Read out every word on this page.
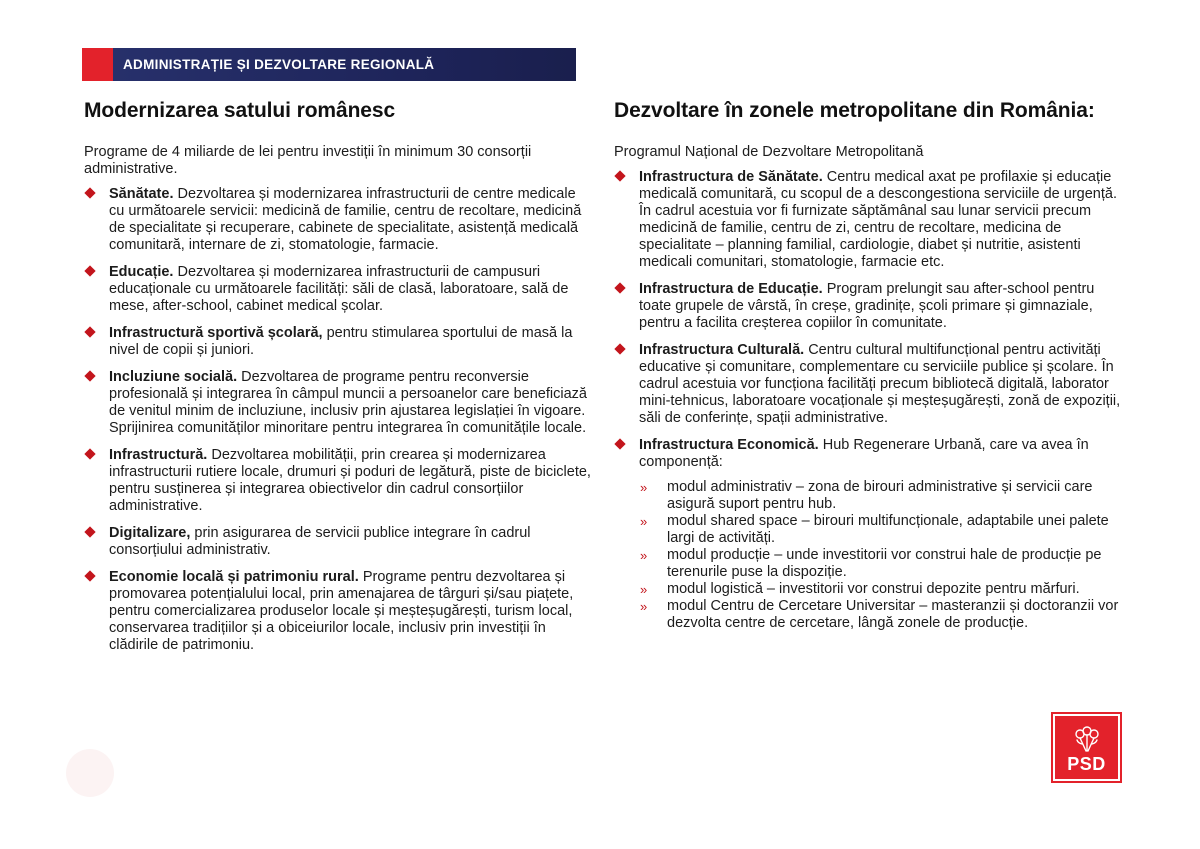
ADMINISTRAȚIE ȘI DEZVOLTARE REGIONALĂ
Modernizarea satului românesc

Programe de 4 miliarde de lei pentru investiții în minimum 30 consorții administrative.

Sănătate. Dezvoltarea și modernizarea infrastructurii de centre medicale cu următoarele servicii: medicină de familie, centru de recoltare, medicină de specialitate și recuperare, cabinete de specialitate, asistență medicală comunitară, internare de zi, stomatologie, farmacie.
Educație. Dezvoltarea și modernizarea infrastructurii de campusuri educaționale cu următoarele facilități: săli de clasă, laboratoare, sală de mese, after-school, cabinet medical școlar.
Infrastructură sportivă școlară, pentru stimularea sportului de masă la nivel de copii și juniori.
Incluziune socială. Dezvoltarea de programe pentru reconversie profesională și integrarea în câmpul muncii a persoanelor care beneficiază de venitul minim de incluziune, inclusiv prin ajustarea legislației în vigoare. Sprijinirea comunităților minoritare pentru integrarea în comunitățile locale.
Infrastructură. Dezvoltarea mobilității, prin crearea și modernizarea infrastructurii rutiere locale, drumuri și poduri de legătură, piste de biciclete, pentru susținerea și integrarea obiectivelor din cadrul consorțiilor administrative.
Digitalizare, prin asigurarea de servicii publice integrare în cadrul consorțiului administrativ.
Economie locală și patrimoniu rural. Programe pentru dezvoltarea și promovarea potențialului local, prin amenajarea de târguri și/sau piațete, pentru comercializarea produselor locale și meșteșugărești, turism local, conservarea tradițiilor și a obiceiurilor locale, inclusiv prin investiții în clădirile de patrimoniu.
Dezvoltare în zonele metropolitane din România:

Programul Național de Dezvoltare Metropolitană

Infrastructura de Sănătate. Centru medical axat pe profilaxie și educație medicală comunitară, cu scopul de a descongestiona serviciile de urgență. În cadrul acestuia vor fi furnizate săptămânal sau lunar servicii precum medicină de familie, centru de zi, centru de recoltare, medicina de specialitate – planning familial, cardiologie, diabet și nutritie, asistenti medicali comunitari, stomatologie, farmacie etc.
Infrastructura de Educație. Program prelungit sau after-school pentru toate grupele de vârstă, în creșe, gradinițe, școli primare și gimnaziale, pentru a facilita creșterea copiilor în comunitate.
Infrastructura Culturală. Centru cultural multifuncțional pentru activități educative și comunitare, complementare cu serviciile publice și școlare. În cadrul acestuia vor funcționa facilități precum bibliotecă digitală, laborator mini-tehnicus, laboratoare vocaționale și meșteșugărești, zonă de expoziții, săli de conferințe, spații administrative.
Infrastructura Economică. Hub Regenerare Urbană, care va avea în componență:
» modul administrativ – zona de birouri administrative și servicii care asigură suport pentru hub.
» modul shared space – birouri multifuncționale, adaptabile unei palete largi de activități.
» modul producție – unde investitorii vor construi hale de producție pe terenurile puse la dispoziție.
» modul logistică – investitorii vor construi depozite pentru mărfuri.
» modul Centru de Cercetare Universitar – masteranzii și doctoranzii vor dezvolta centre de cercetare, lângă zonele de producție.
PSD
